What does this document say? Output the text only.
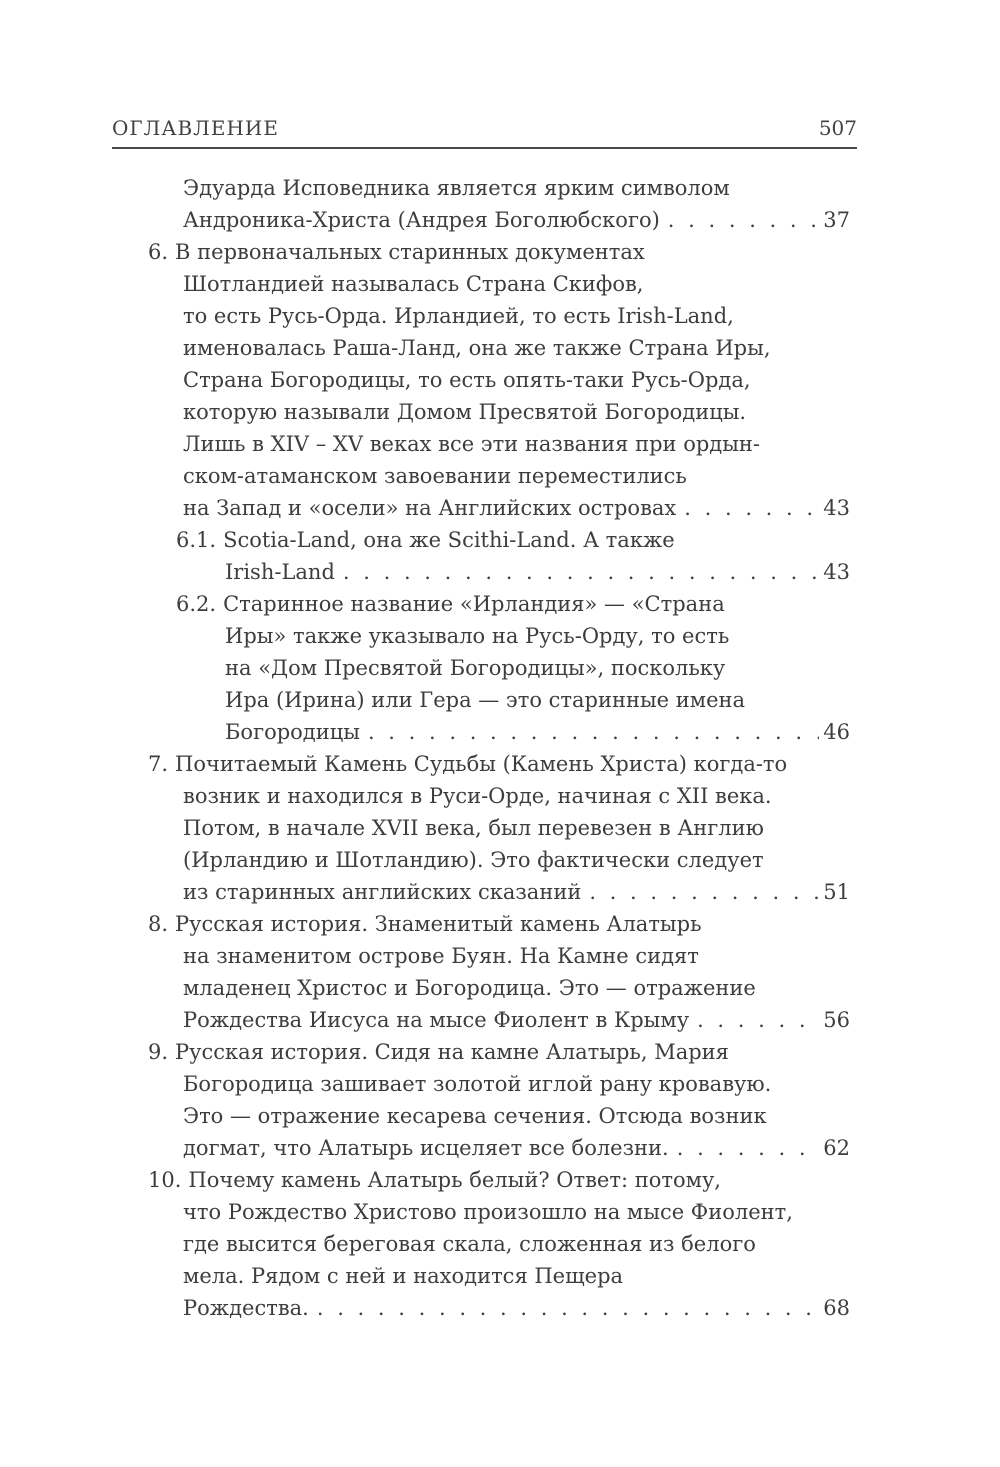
ОГЛАВЛЕНИЕ	507
Эдуарда Исповедника является ярким символом
Андроника-Христа (Андрея Боголюбского) . . .	37
6. В первоначальных старинных документах
Шотландией называлась Страна Скифов,
то есть Русь-Орда. Ирландией, то есть Irish-Land,
именовалась Раша-Ланд, она же также Страна Иры,
Страна Богородицы, то есть опять-таки Русь-Орда,
которую называли Домом Пресвятой Богородицы.
Лишь в XIV – XV веках все эти названия при ордын-
ском-атаманском завоевании переместились
на Запад и «осели» на Английских островах . . .	43
6.1. Scotia-Land, она же Scithi-Land. А также
Irish-Land . . .	43
6.2. Старинное название «Ирландия» — «Страна
Иры» также указывало на Русь-Орду, то есть
на «Дом Пресвятой Богородицы», поскольку
Ира (Ирина) или Гера — это старинные имена
Богородицы . . .	46
7. Почитаемый Камень Судьбы (Камень Христа) когда-то
возник и находился в Руси-Орде, начиная с XII века.
Потом, в начале XVII века, был перевезен в Англию
(Ирландию и Шотландию). Это фактически следует
из старинных английских сказаний . . .	51
8. Русская история. Знаменитый камень Алатырь
на знаменитом острове Буян. На Камне сидят
младенец Христос и Богородица. Это — отражение
Рождества Иисуса на мысе Фиолент в Крыму . . .	56
9. Русская история. Сидя на камне Алатырь, Мария
Богородица зашивает золотой иглой рану кровавую.
Это — отражение кесарева сечения. Отсюда возник
догмат, что Алатырь исцеляет все болезни. . . .	62
10. Почему камень Алатырь белый? Ответ: потому,
что Рождество Христово произошло на мысе Фиолент,
где высится береговая скала, сложенная из белого
мела. Рядом с ней и находится Пещера
Рождества. . . .	68
